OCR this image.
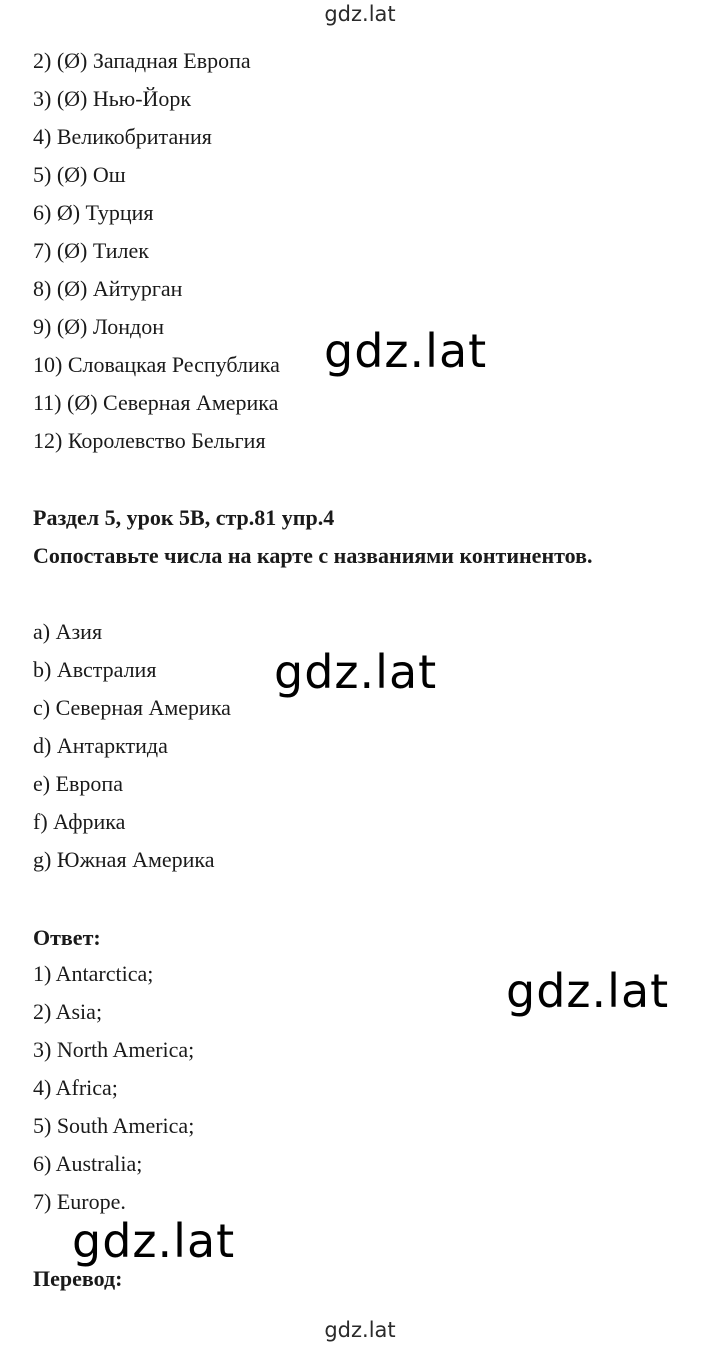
gdz.lat
2) (Ø) Западная Европа
3) (Ø) Нью-Йорк
4) Великобритания
5) (Ø) Ош
6) Ø) Турция
7) (Ø) Тилек
8) (Ø) Айтурган
9) (Ø) Лондон
10) Словацкая Республика
11) (Ø) Северная Америка
12) Королевство Бельгия
Раздел 5, урок 5B, стр.81 упр.4
Сопоставьте числа на карте с названиями континентов.
a) Азия
b) Австралия
c) Северная Америка
d) Антарктида
e) Европа
f) Африка
g) Южная Америка
Ответ:
1) Antarctica;
2) Asia;
3) North America;
4) Africa;
5) South America;
6) Australia;
7) Europe.
Перевод:
gdz.lat
gdz.lat
gdz.lat
gdz.lat
gdz.lat
